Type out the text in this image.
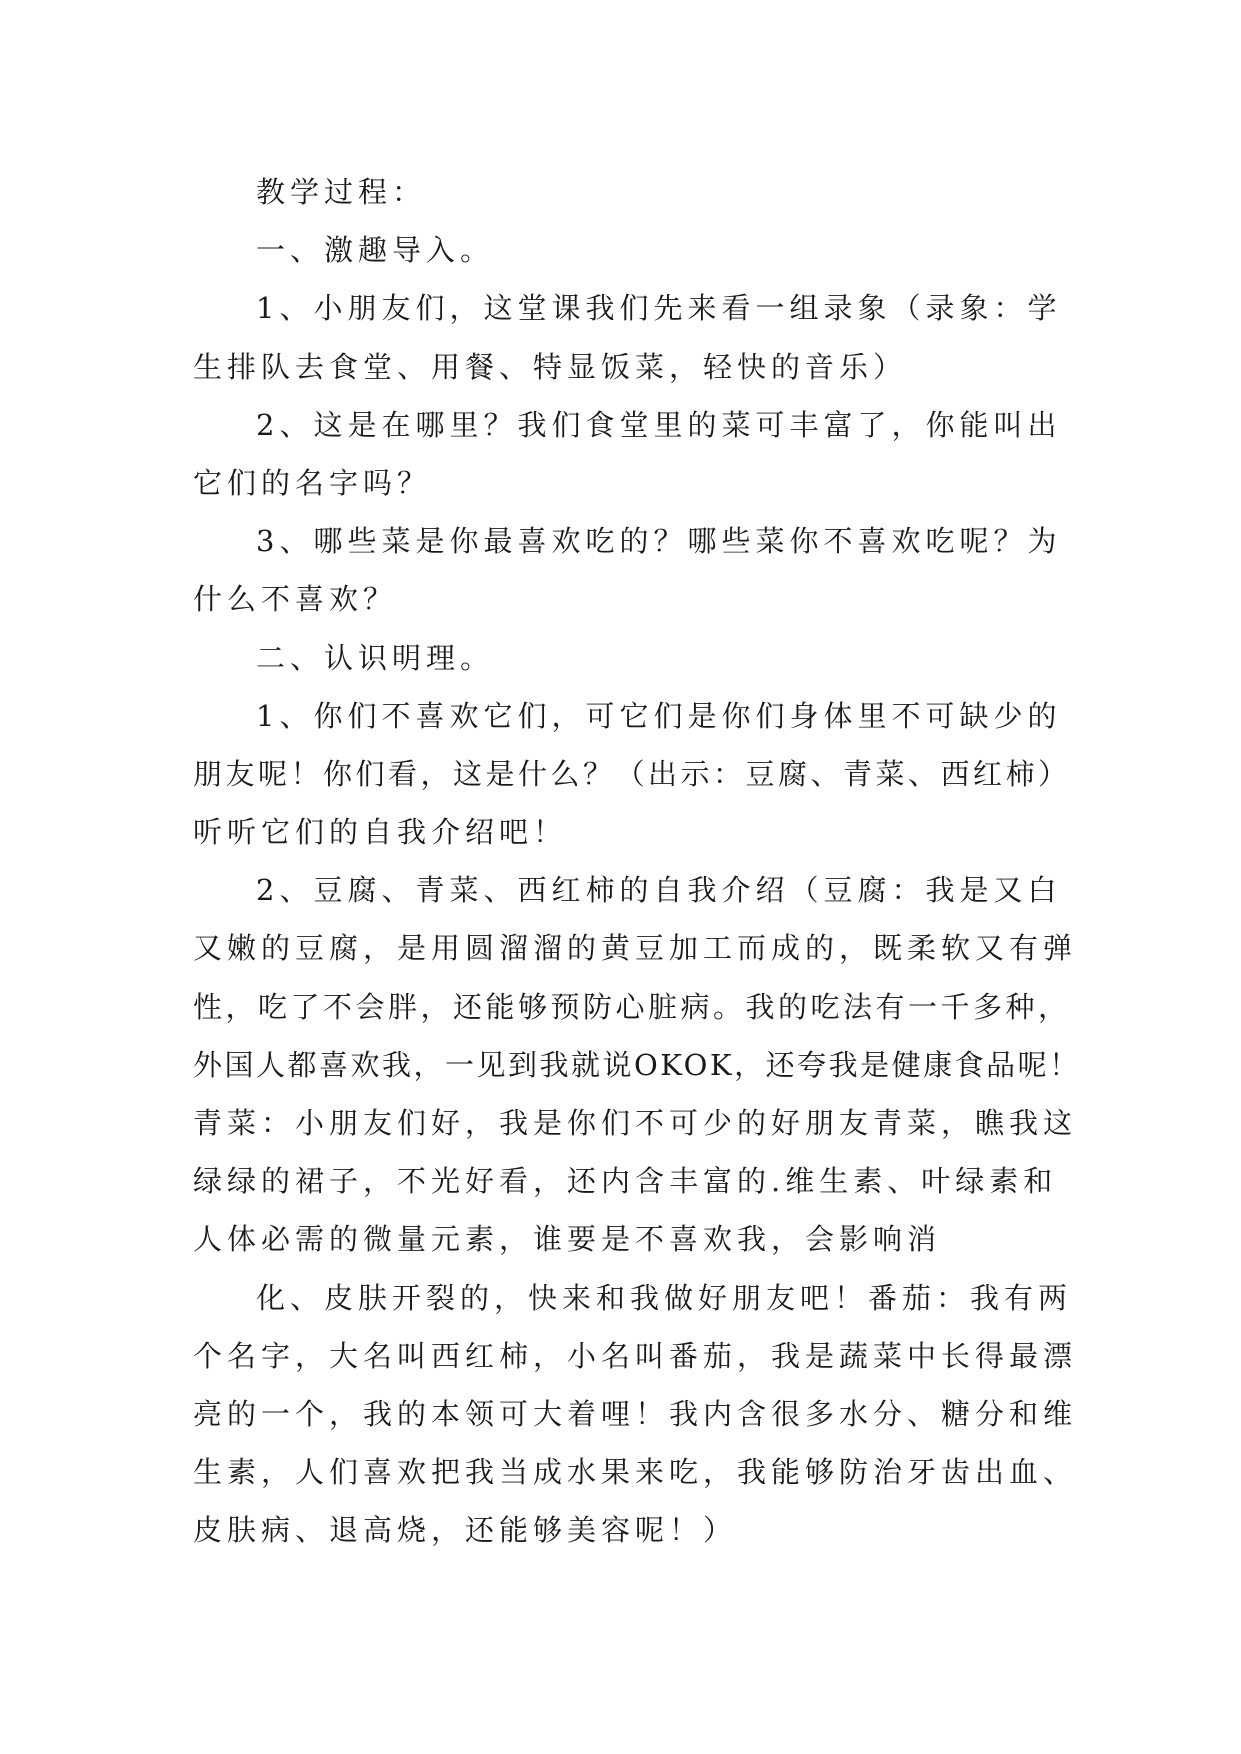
教学过程：
一、激趣导入。
1、小朋友们，这堂课我们先来看一组录象（录象：学
生排队去食堂、用餐、特显饭菜，轻快的音乐）
2、这是在哪里？我们食堂里的菜可丰富了，你能叫出
它们的名字吗？
3、哪些菜是你最喜欢吃的？哪些菜你不喜欢吃呢？为
什么不喜欢？
二、认识明理。
1、你们不喜欢它们，可它们是你们身体里不可缺少的
朋友呢！你们看，这是什么？（出示：豆腐、青菜、西红柿）
听听它们的自我介绍吧！
2、豆腐、青菜、西红柿的自我介绍（豆腐：我是又白
又嫩的豆腐，是用圆溜溜的黄豆加工而成的，既柔软又有弹
性，吃了不会胖，还能够预防心脏病。我的吃法有一千多种，
外国人都喜欢我，一见到我就说OKOK，还夸我是健康食品呢！
青菜：小朋友们好，我是你们不可少的好朋友青菜，瞧我这
绿绿的裙子，不光好看，还内含丰富的.维生素、叶绿素和
人体必需的微量元素，谁要是不喜欢我，会影响消
化、皮肤开裂的，快来和我做好朋友吧！番茄：我有两
个名字，大名叫西红柿，小名叫番茄，我是蔬菜中长得最漂
亮的一个，我的本领可大着哩！我内含很多水分、糖分和维
生素，人们喜欢把我当成水果来吃，我能够防治牙齿出血、
皮肤病、退高烧，还能够美容呢！）
